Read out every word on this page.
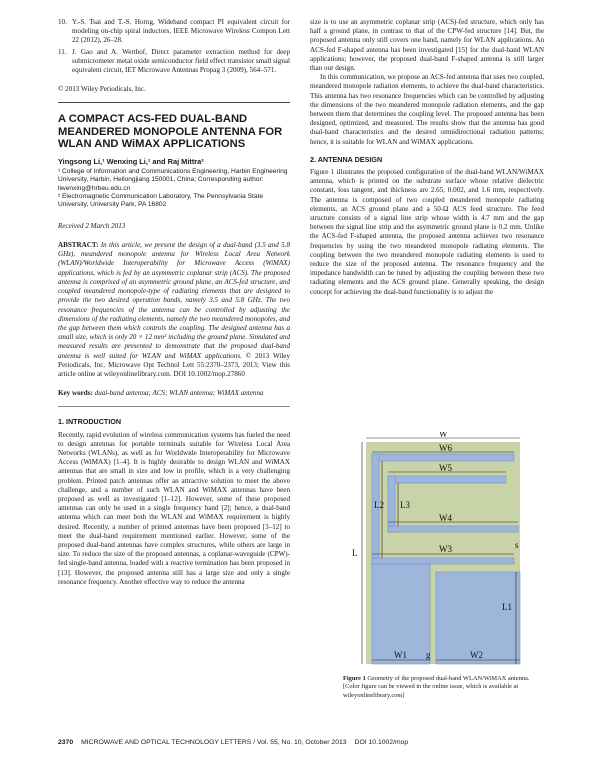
10. Y.-S. Tsai and T.-S. Horng, Wideband compact PI equivalent circuit for modeling on-chip spiral inductors, IEEE Microwave Wireless Compon Lett 22 (2012), 26–28.
11. J. Gao and A. Werthof, Direct parameter extraction method for deep submicrometer metal oxide semiconductor field effect transistor small signal equivalent circuit, IET Microwave Antennas Propag 3 (2009), 564–571.
© 2013 Wiley Periodicals, Inc.
A COMPACT ACS-FED DUAL-BAND MEANDERED MONOPOLE ANTENNA FOR WLAN AND WiMAX APPLICATIONS
Yingsong Li,¹ Wenxing Li,¹ and Raj Mittra²
¹ College of Information and Communications Engineering, Harbin Engineering University, Harbin, Heilongjiang 150001, China; Corresponding author: liwenxing@hrbeu.edu.cn
² Electromagnetic Communication Laboratory, The Pennsylvania State University, University Park, PA 16802
Received 2 March 2013

ABSTRACT: In this article, we present the design of a dual-band (3.5 and 5.8 GHz), meandered monopole antenna for Wireless Local Area Network (WLAN)/Worldwide Interoperability for Microwave Access (WiMAX) applications, which is fed by an asymmetric coplanar strip (ACS). The proposed antenna is comprised of an asymmetric ground plane, an ACS-fed structure, and coupled meandered monopole-type of radiating elements that are designed to provide the two desired operation bands, namely 3.5 and 5.8 GHz. The two resonance frequencies of the antenna can be controlled by adjusting the dimensions of the radiating elements, namely the two meandered monopoles, and the gap between them which controls the coupling. The designed antenna has a small size, which is only 20 × 12 mm² including the ground plane. Simulated and measured results are presented to demonstrate that the proposed dual-band antenna is well suited for WLAN and WiMAX applications. © 2013 Wiley Periodicals, Inc. Microwave Opt Technol Lett 55:2370–2373, 2013; View this article online at wileyonlinelibrary.com. DOI 10.1002/mop.27860

Key words: dual-band antenna; ACS; WLAN antenna; WiMAX antenna

1. INTRODUCTION

Recently, rapid evolution of wireless communication systems has fueled the need to design antennas for portable terminals suitable for Wireless Local Area Networks (WLANs), as well as for Worldwide Interoperability for Microwave Access (WiMAX) [1–4]. It is highly desirable to design WLAN and WiMAX antennas that are small in size and low in profile, which is a very challenging problem. Printed patch antennas offer an attractive solution to meet the above challenge, and a number of such WLAN and WiMAX antennas have been proposed as well as investigated [1–12]. However, some of these proposed antennas can only be used in a single frequency band [2]; hence, a dual-band antenna which can meet both the WLAN and WiMAX requirement is highly desired. Recently, a number of printed antennas have been proposed [3–12] to meet the dual-band requirement mentioned earlier. However, some of the proposed dual-band antennas have complex structures, while others are large in size. To reduce the size of the proposed antennas, a coplanar-waveguide (CPW)-fed single-band antenna, loaded with a reactive termination has been proposed in [13]. However, the proposed antenna still has a large size and only a single resonance frequency. Another effective way to reduce the antenna

size is to use an asymmetric coplanar strip (ACS)-fed structure, which only has half a ground plane, in contrast to that of the CPW-fed structure [14]. But, the proposed antenna only still covers one band, namely for WLAN applications. An ACS-fed F-shaped antenna has been investigated [15] for the dual-band WLAN applications; however, the proposed dual-band F-shaped antenna is still larger than our design.

In this communication, we propose an ACS-fed antenna that uses two coupled, meandered monopole radiation elements, to achieve the dual-band characteristics. This antenna has two resonance frequencies which can be controlled by adjusting the dimensions of the two meandered monopole radiation elements, and the gap between them that determines the coupling level. The proposed antenna has been designed, optimized, and measured. The results show that the antenna has good dual-band characteristics and the desired omnidirectional radiation patterns; hence, it is suitable for WLAN and WiMAX applications.

2. ANTENNA DESIGN

Figure 1 illustrates the proposed configuration of the dual-band WLAN/WiMAX antenna, which is printed on the substrate surface whose relative dielectric constant, loss tangent, and thickness are 2.65, 0.002, and 1.6 mm, respectively. The antenna is composed of two coupled meandered monopole radiating elements, an ACS ground plane and a 50-Ω ACS feed structure. The feed structure consists of a signal line strip whose width is 4.7 mm and the gap between the signal line strip and the asymmetric ground plane is 0.2 mm. Unlike the ACS-fed F-shaped antenna, the proposed antenna achieves two resonance frequencies by using the two meandered monopole radiating elements. The coupling between the two meandered monopole radiating elements is used to reduce the size of the proposed antenna. The resonance frequency and the impedance bandwidth can be tuned by adjusting the coupling between these two radiating elements and the ACS ground plane. Generally speaking, the design concept for achieving the dual-band functionality is to adjust the

W
W6
W5
L2 L3
W4
W3
L
s
g
L1
W1	W2
Figure 1 Geometry of the proposed dual-band WLAN/WiMAX antenna. [Color figure can be viewed in the online issue, which is available at wileyonlinelibrary.com]
2370 MICROWAVE AND OPTICAL TECHNOLOGY LETTERS / Vol. 55, No. 10, October 2013 DOI 10.1002/mop
